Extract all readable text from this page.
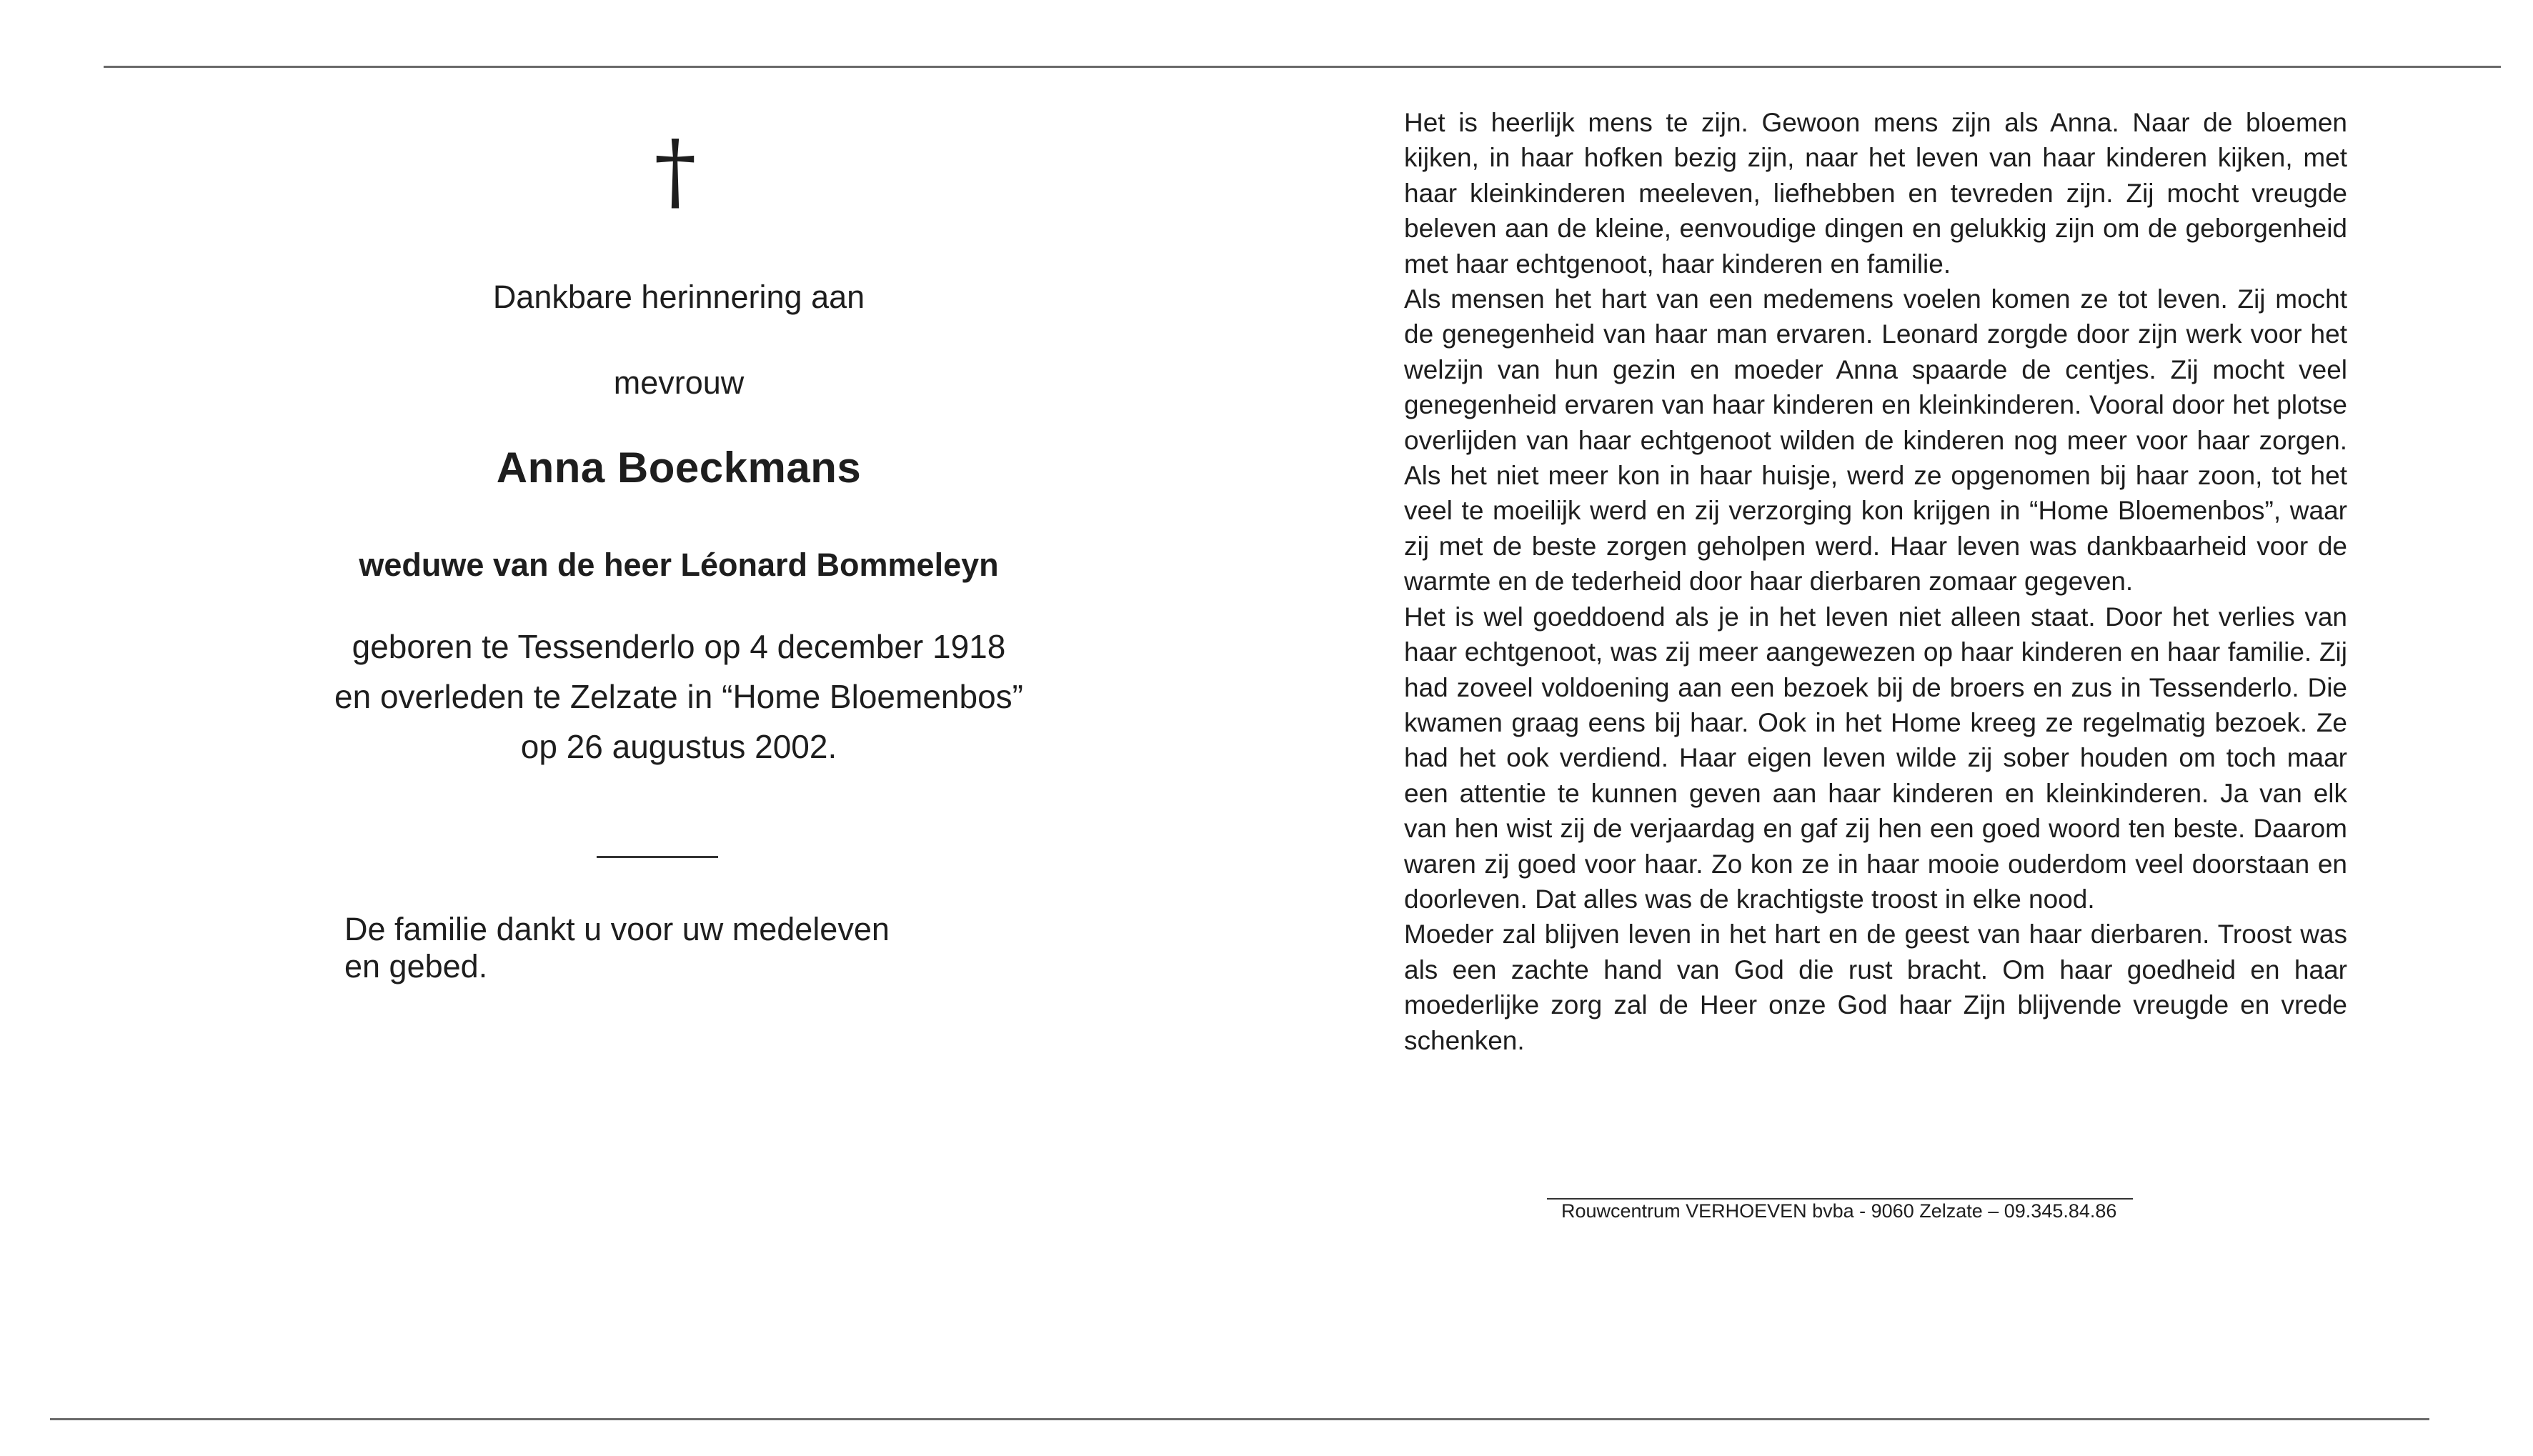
†
Dankbare herinnering aan
mevrouw
Anna Boeckmans
weduwe van de heer Léonard Bommeleyn
geboren te Tessenderlo op 4 december 1918
en overleden te Zelzate in “Home Bloemenbos”
op 26 augustus 2002.
De familie dankt u voor uw medeleven
en gebed.

Het is heerlijk mens te zijn. Gewoon mens zijn als Anna. Naar de bloemen kijken, in haar hofken bezig zijn, naar het leven van haar kinderen kijken, met haar kleinkinderen meeleven, liefhebben en tevreden zijn. Zij mocht vreugde beleven aan de kleine, eenvoudige dingen en gelukkig zijn om de geborgenheid met haar echtgenoot, haar kinderen en familie.

Als mensen het hart van een medemens voelen komen ze tot leven. Zij mocht de genegenheid van haar man ervaren. Leonard zorgde door zijn werk voor het welzijn van hun gezin en moeder Anna spaarde de centjes. Zij mocht veel genegenheid ervaren van haar kinderen en kleinkinderen. Vooral door het plotse overlijden van haar echtgenoot wilden de kinderen nog meer voor haar zorgen. Als het niet meer kon in haar huisje, werd ze opgenomen bij haar zoon, tot het veel te moeilijk werd en zij verzorging kon krijgen in “Home Bloemenbos”, waar zij met de beste zorgen geholpen werd. Haar leven was dankbaarheid voor de warmte en de tederheid door haar dierbaren zomaar gegeven.

Het is wel goeddoend als je in het leven niet alleen staat. Door het verlies van haar echtgenoot, was zij meer aangewezen op haar kinderen en haar familie. Zij had zoveel voldoening aan een bezoek bij de broers en zus in Tessenderlo. Die kwamen graag eens bij haar. Ook in het Home kreeg ze regelmatig bezoek. Ze had het ook verdiend. Haar eigen leven wilde zij sober houden om toch maar een attentie te kunnen geven aan haar kinderen en kleinkinderen. Ja van elk van hen wist zij de verjaardag en gaf zij hen een goed woord ten beste. Daarom waren zij goed voor haar. Zo kon ze in haar mooie ouderdom veel doorstaan en doorleven. Dat alles was de krachtigste troost in elke nood.

Moeder zal blijven leven in het hart en de geest van haar dierbaren. Troost was als een zachte hand van God die rust bracht. Om haar goedheid en haar moederlijke zorg zal de Heer onze God haar Zijn blijvende vreugde en vrede schenken.

Rouwcentrum VERHOEVEN bvba - 9060 Zelzate – 09.345.84.86
